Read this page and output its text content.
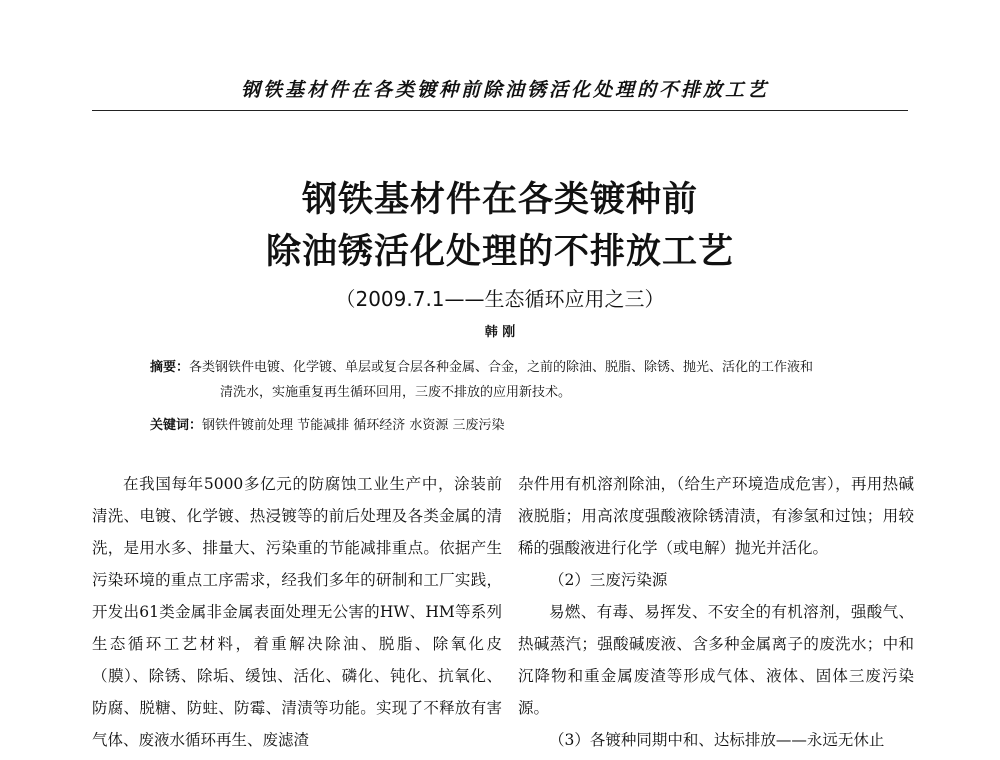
钢铁基材件在各类镀种前除油锈活化处理的不排放工艺
钢铁基材件在各类镀种前
除油锈活化处理的不排放工艺
（2009.7.1——生态循环应用之三）
韩 刚
摘要：各类钢铁件电镀、化学镀、单层或复合层各种金属、合金，之前的除油、脱脂、除锈、抛光、活化的工作液和
清洗水，实施重复再生循环回用，三废不排放的应用新技术。
关键词：钢铁件镀前处理 节能减排 循环经济 水资源 三废污染

在我国每年5000多亿元的防腐蚀工业生产中，涂装前清洗、电镀、化学镀、热浸镀等的前后处理及各类金属的清洗，是用水多、排量大、污染重的节能减排重点。依据产生污染环境的重点工序需求，经我们多年的研制和工厂实践，开发出61类金属非金属表面处理无公害的HW、HM等系列生态循环工艺材料，着重解决除油、脱脂、除氧化皮（膜）、除锈、除垢、缓蚀、活化、磷化、钝化、抗氧化、防腐、脱糖、防蛀、防霉、清渍等功能。实现了不释放有害气体、废液水循环再生、废滤渣

杂件用有机溶剂除油，（给生产环境造成危害），再用热碱液脱脂；用高浓度强酸液除锈清渍，有渗氢和过蚀；用较稀的强酸液进行化学（或电解）抛光并活化。

（2）三废污染源

易燃、有毒、易挥发、不安全的有机溶剂，强酸气、热碱蒸汽；强酸碱废液、含多种金属离子的废洗水；中和沉降物和重金属废渣等形成气体、液体、固体三废污染源。

（3）各镀种同期中和、达标排放——永远无休止
